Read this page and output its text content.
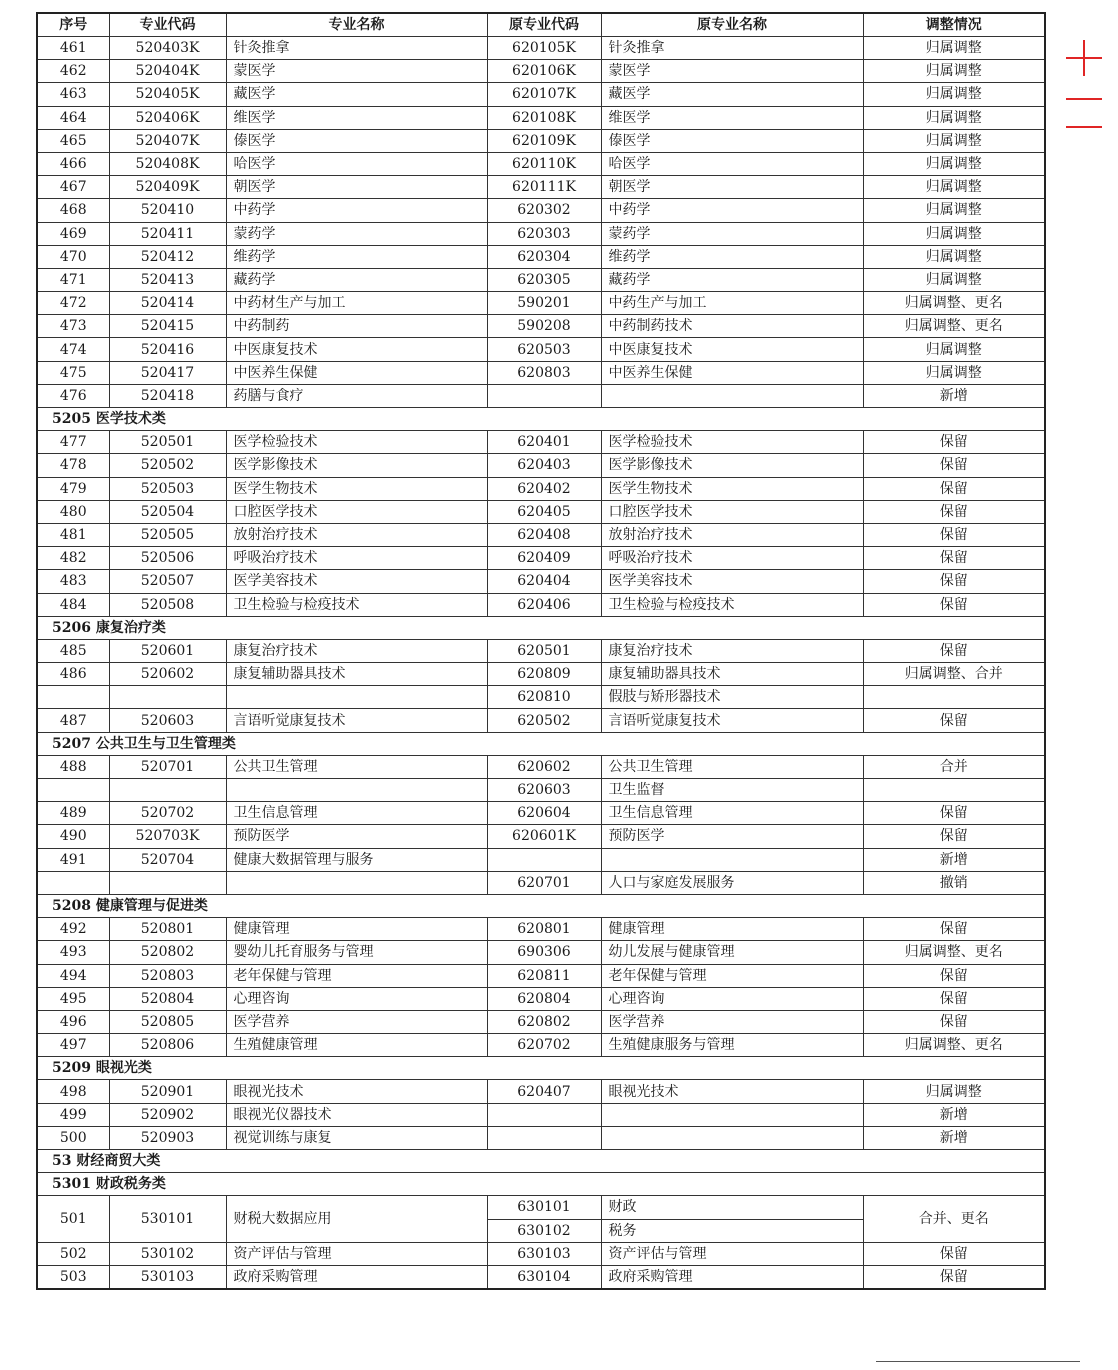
序号	专业代码	专业名称	原专业代码	原专业名称	调整情况
461	520403K	针灸推拿	620105K	针灸推拿	归属调整
462	520404K	蒙医学	620106K	蒙医学	归属调整
463	520405K	藏医学	620107K	藏医学	归属调整
464	520406K	维医学	620108K	维医学	归属调整
465	520407K	傣医学	620109K	傣医学	归属调整
466	520408K	哈医学	620110K	哈医学	归属调整
467	520409K	朝医学	620111K	朝医学	归属调整
468	520410	中药学	620302	中药学	归属调整
469	520411	蒙药学	620303	蒙药学	归属调整
470	520412	维药学	620304	维药学	归属调整
471	520413	藏药学	620305	藏药学	归属调整
472	520414	中药材生产与加工	590201	中药生产与加工	归属调整、更名
473	520415	中药制药	590208	中药制药技术	归属调整、更名
474	520416	中医康复技术	620503	中医康复技术	归属调整
475	520417	中医养生保健	620803	中医养生保健	归属调整
476	520418	药膳与食疗			新增
5205 医学技术类					
477	520501	医学检验技术	620401	医学检验技术	保留
478	520502	医学影像技术	620403	医学影像技术	保留
479	520503	医学生物技术	620402	医学生物技术	保留
480	520504	口腔医学技术	620405	口腔医学技术	保留
481	520505	放射治疗技术	620408	放射治疗技术	保留
482	520506	呼吸治疗技术	620409	呼吸治疗技术	保留
483	520507	医学美容技术	620404	医学美容技术	保留
484	520508	卫生检验与检疫技术	620406	卫生检验与检疫技术	保留
5206 康复治疗类					
485	520601	康复治疗技术	620501	康复治疗技术	保留
486	520602	康复辅助器具技术	620809	康复辅助器具技术	归属调整、合并
			620810	假肢与矫形器技术	
487	520603	言语听觉康复技术	620502	言语听觉康复技术	保留
5207 公共卫生与卫生管理类					
488	520701	公共卫生管理	620602	公共卫生管理	合并
			620603	卫生监督	
489	520702	卫生信息管理	620604	卫生信息管理	保留
490	520703K	预防医学	620601K	预防医学	保留
491	520704	健康大数据管理与服务			新增
			620701	人口与家庭发展服务	撤销
5208 健康管理与促进类					
492	520801	健康管理	620801	健康管理	保留
493	520802	婴幼儿托育服务与管理	690306	幼儿发展与健康管理	归属调整、更名
494	520803	老年保健与管理	620811	老年保健与管理	保留
495	520804	心理咨询	620804	心理咨询	保留
496	520805	医学营养	620802	医学营养	保留
497	520806	生殖健康管理	620702	生殖健康服务与管理	归属调整、更名
5209 眼视光类					
498	520901	眼视光技术	620407	眼视光技术	归属调整
499	520902	眼视光仪器技术			新增
500	520903	视觉训练与康复			新增
53 财经商贸大类					
5301 财政税务类					
501	530101	财税大数据应用	630101	财政	合并、更名
			630102	税务	
502	530102	资产评估与管理	630103	资产评估与管理	保留
503	530103	政府采购管理	630104	政府采购管理	保留
